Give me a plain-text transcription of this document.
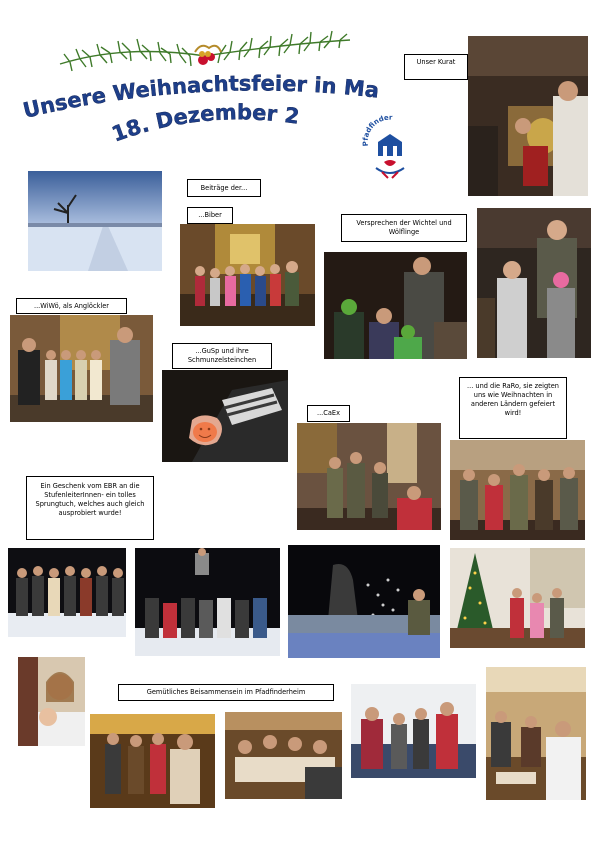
Unsere Weihnachtsfeier in Ma
18. Dezember 2
Pfadfinder
Unser Kurat
Beiträge der...
...Biber
Versprechen der Wichtel und Wölflinge
...WiWö, als Anglöckler
...GuSp und ihre Schmunzelsteinchen
...CaEx
... und die RaRo, sie zeigten uns wie Weihnachten in anderen Ländern gefeiert wird!
Ein Geschenk vom EBR an die StufenleiterInnen- ein tolles Sprungtuch, welches auch gleich ausprobiert wurde!
Gemütliches Beisammensein im Pfadfinderheim
